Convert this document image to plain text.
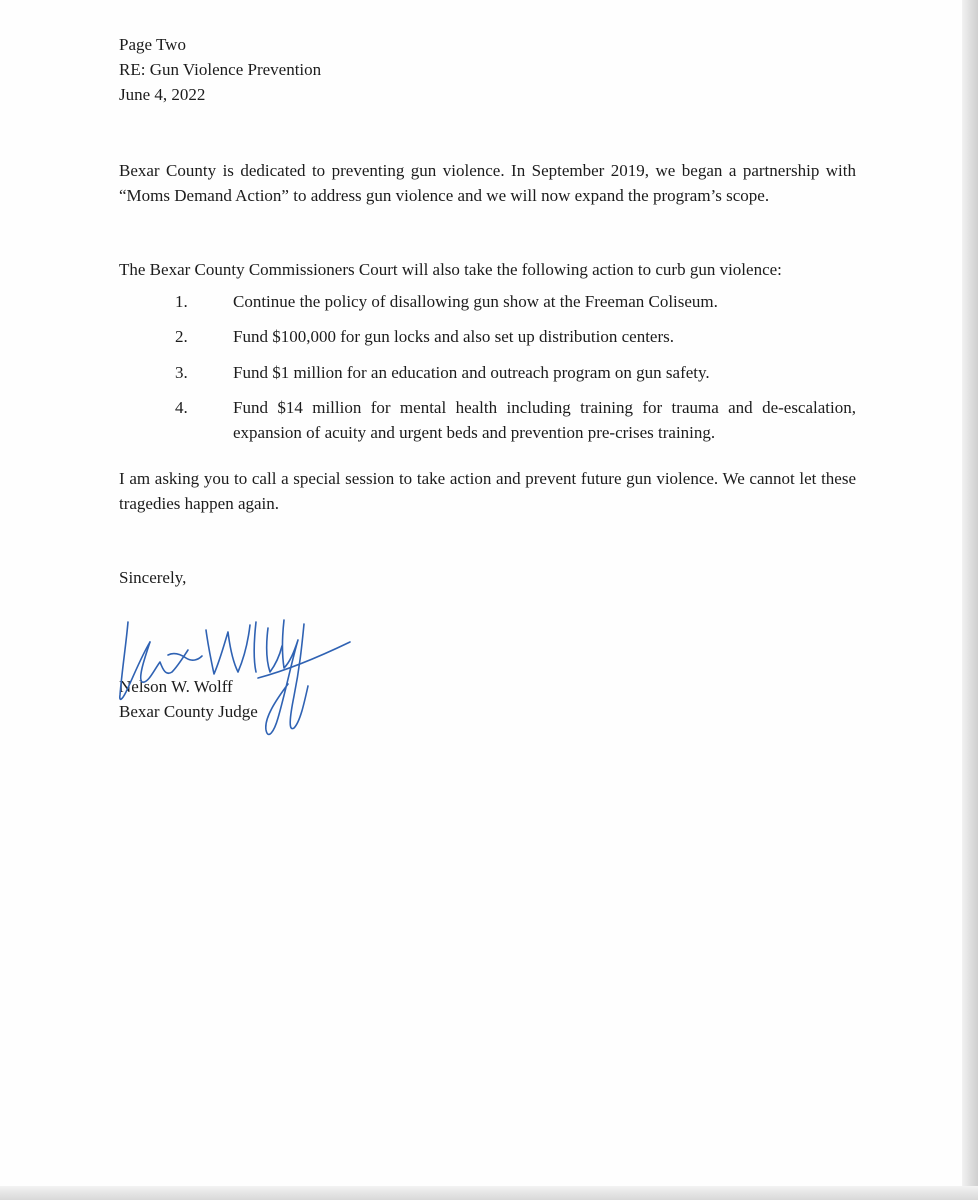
Page Two

RE: Gun Violence Prevention

June 4, 2022

Bexar County is dedicated to preventing gun violence. In September 2019, we began a partnership with “Moms Demand Action” to address gun violence and we will now expand the program’s scope.

The Bexar County Commissioners Court will also take the following action to curb gun violence:

1.	Continue the policy of disallowing gun show at the Freeman Coliseum.

2.	Fund $100,000 for gun locks and also set up distribution centers.

3.	Fund $1 million for an education and outreach program on gun safety.

4.	Fund $14 million for mental health including training for trauma and de-escalation, expansion of acuity and urgent beds and prevention pre-crises training.

I am asking you to call a special session to take action and prevent future gun violence. We cannot let these tragedies happen again.

Sincerely,

Nelson W. Wolff

Bexar County Judge
